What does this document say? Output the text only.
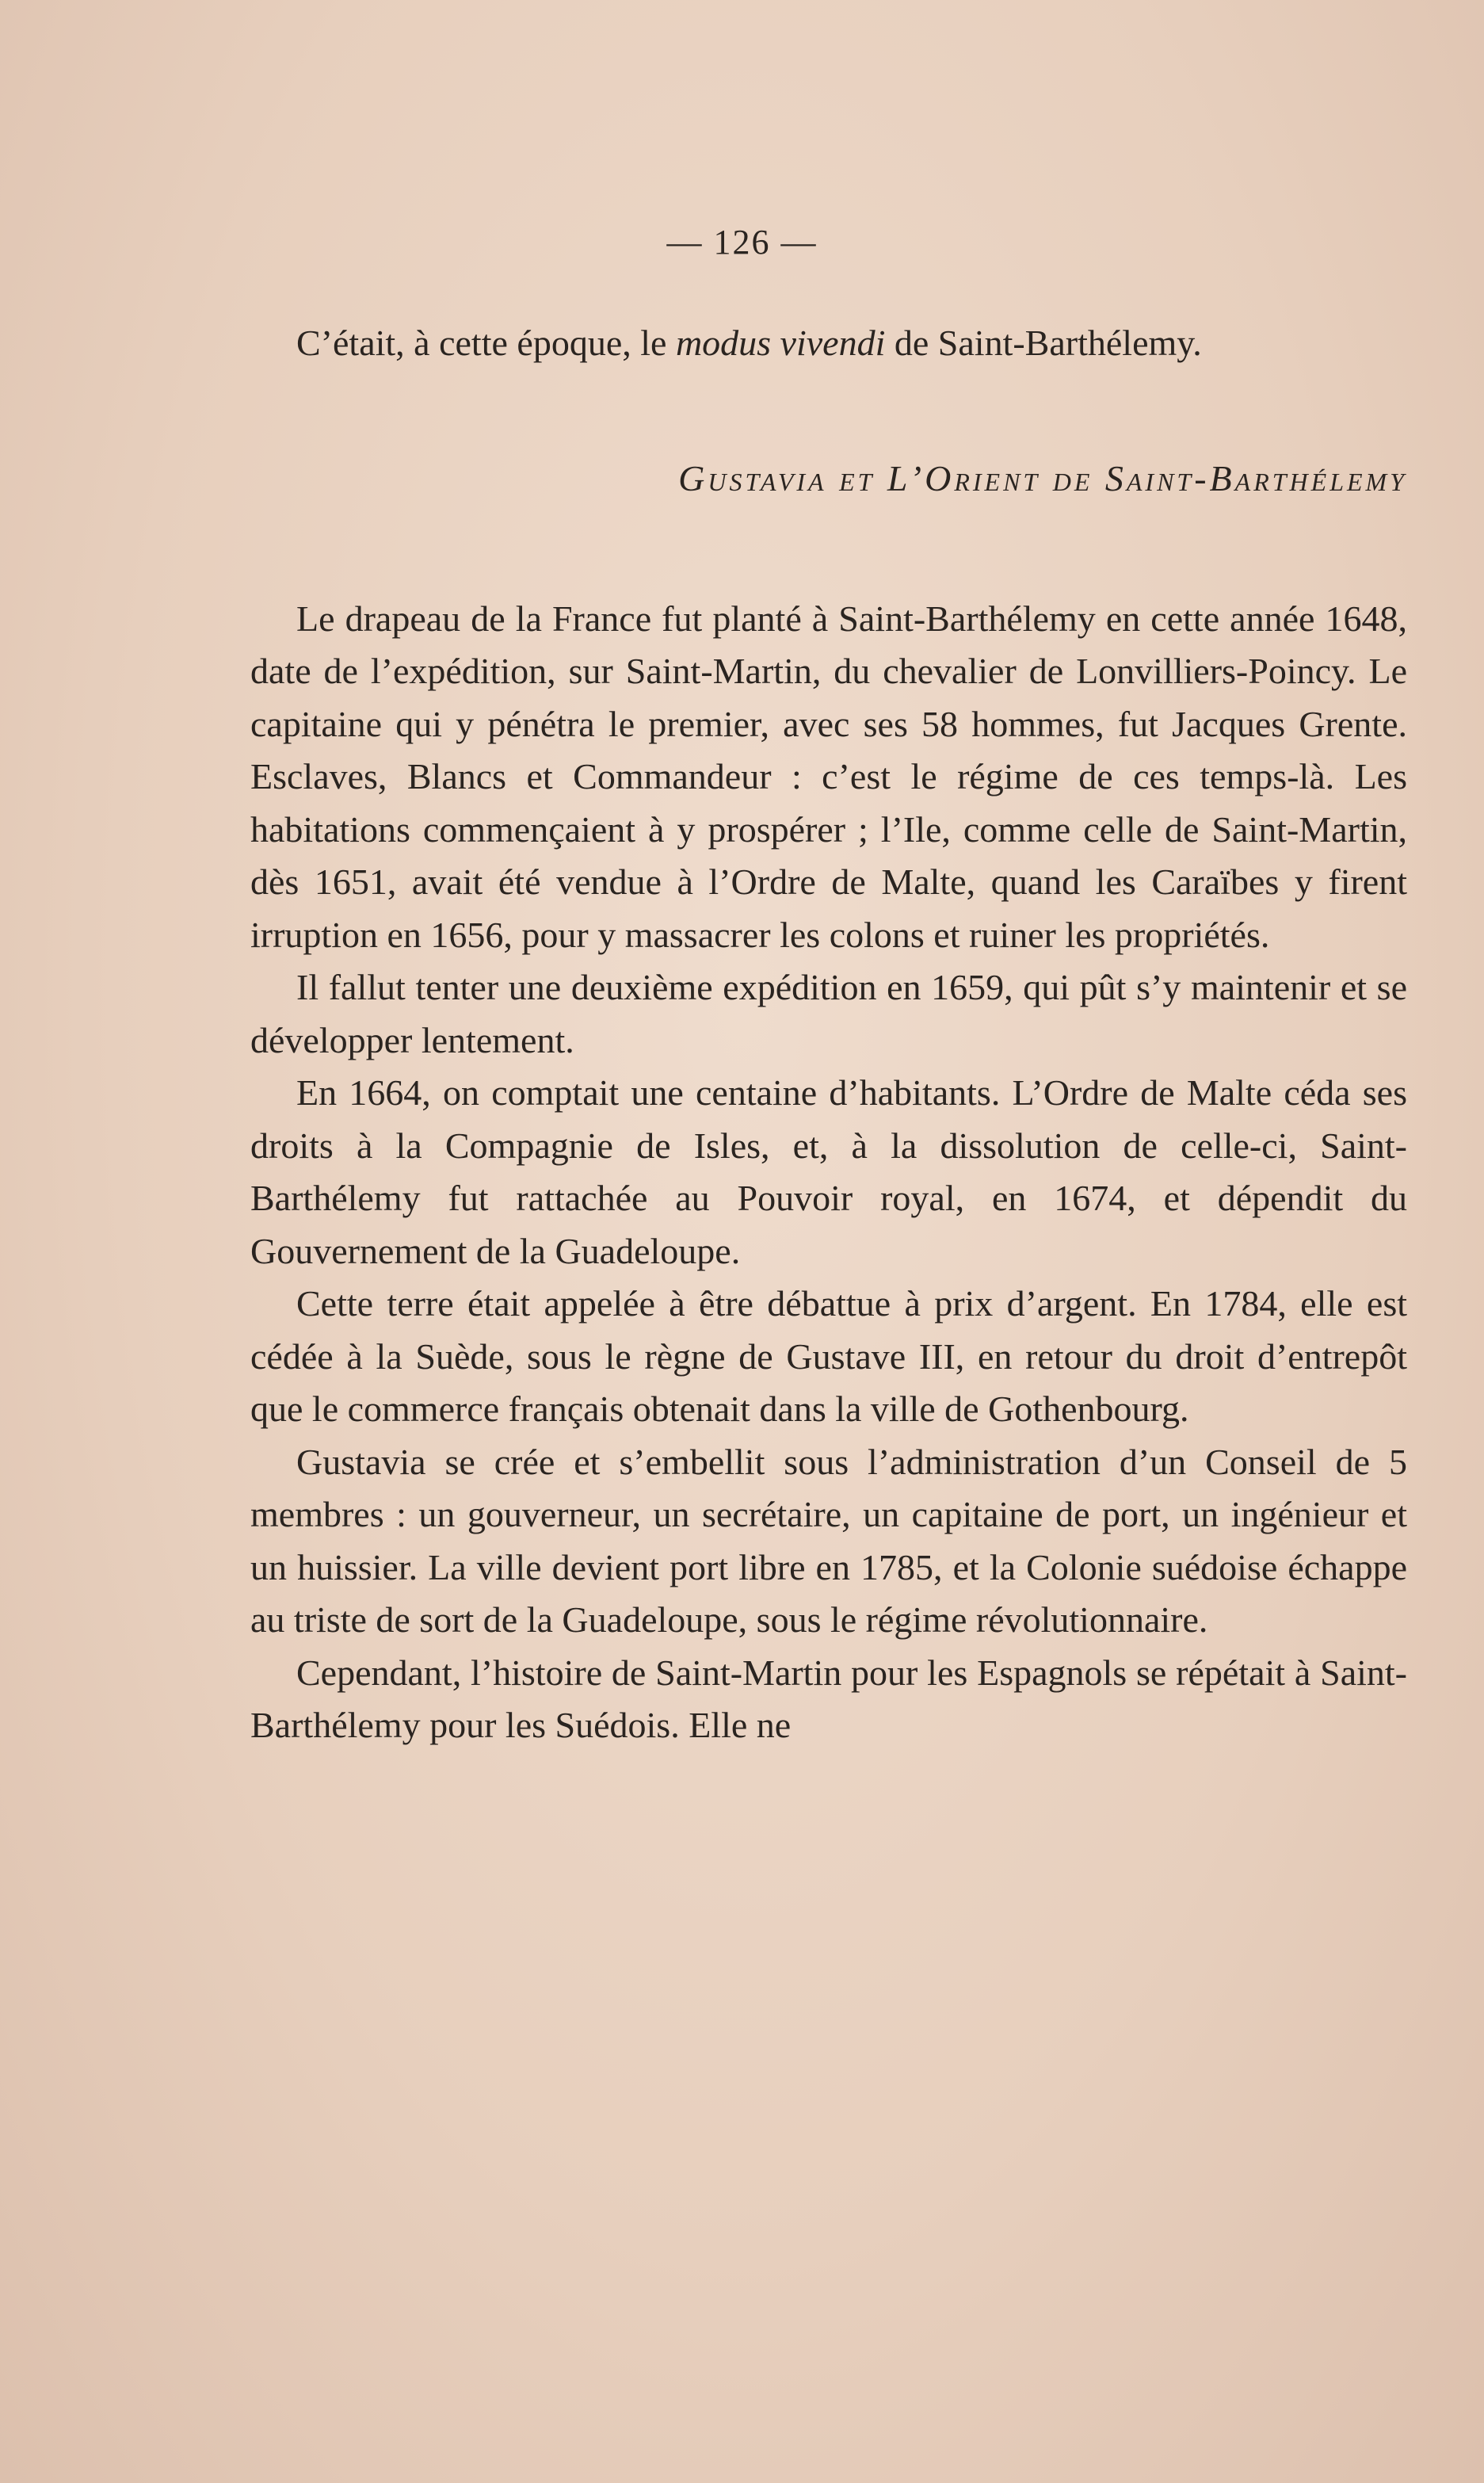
— 126 —

C’était, à cette époque, le modus vivendi de Saint-Barthélemy.

Gustavia et L’Orient de Saint-Barthélemy

Le drapeau de la France fut planté à Saint-Barthélemy en cette année 1648, date de l’expédition, sur Saint-Martin, du chevalier de Lonvilliers-Poincy. Le capitaine qui y pénétra le premier, avec ses 58 hommes, fut Jacques Grente. Esclaves, Blancs et Commandeur : c’est le régime de ces temps-là. Les habitations commençaient à y prospérer ; l’Ile, comme celle de Saint-Martin, dès 1651, avait été vendue à l’Ordre de Malte, quand les Caraïbes y firent irruption en 1656, pour y massacrer les colons et ruiner les propriétés.

Il fallut tenter une deuxième expédition en 1659, qui pût s’y maintenir et se développer lentement.

En 1664, on comptait une centaine d’habitants. L’Ordre de Malte céda ses droits à la Compagnie de Isles, et, à la dissolution de celle-ci, Saint-Barthélemy fut rattachée au Pouvoir royal, en 1674, et dépendit du Gouvernement de la Guadeloupe.

Cette terre était appelée à être débattue à prix d’argent. En 1784, elle est cédée à la Suède, sous le règne de Gustave III, en retour du droit d’entrepôt que le commerce français obtenait dans la ville de Gothenbourg.

Gustavia se crée et s’embellit sous l’administration d’un Conseil de 5 membres : un gouverneur, un secrétaire, un capitaine de port, un ingénieur et un huissier. La ville devient port libre en 1785, et la Colonie suédoise échappe au triste de sort de la Guadeloupe, sous le régime révolutionnaire.

Cependant, l’histoire de Saint-Martin pour les Espagnols se répétait à Saint-Barthélemy pour les Suédois. Elle ne
